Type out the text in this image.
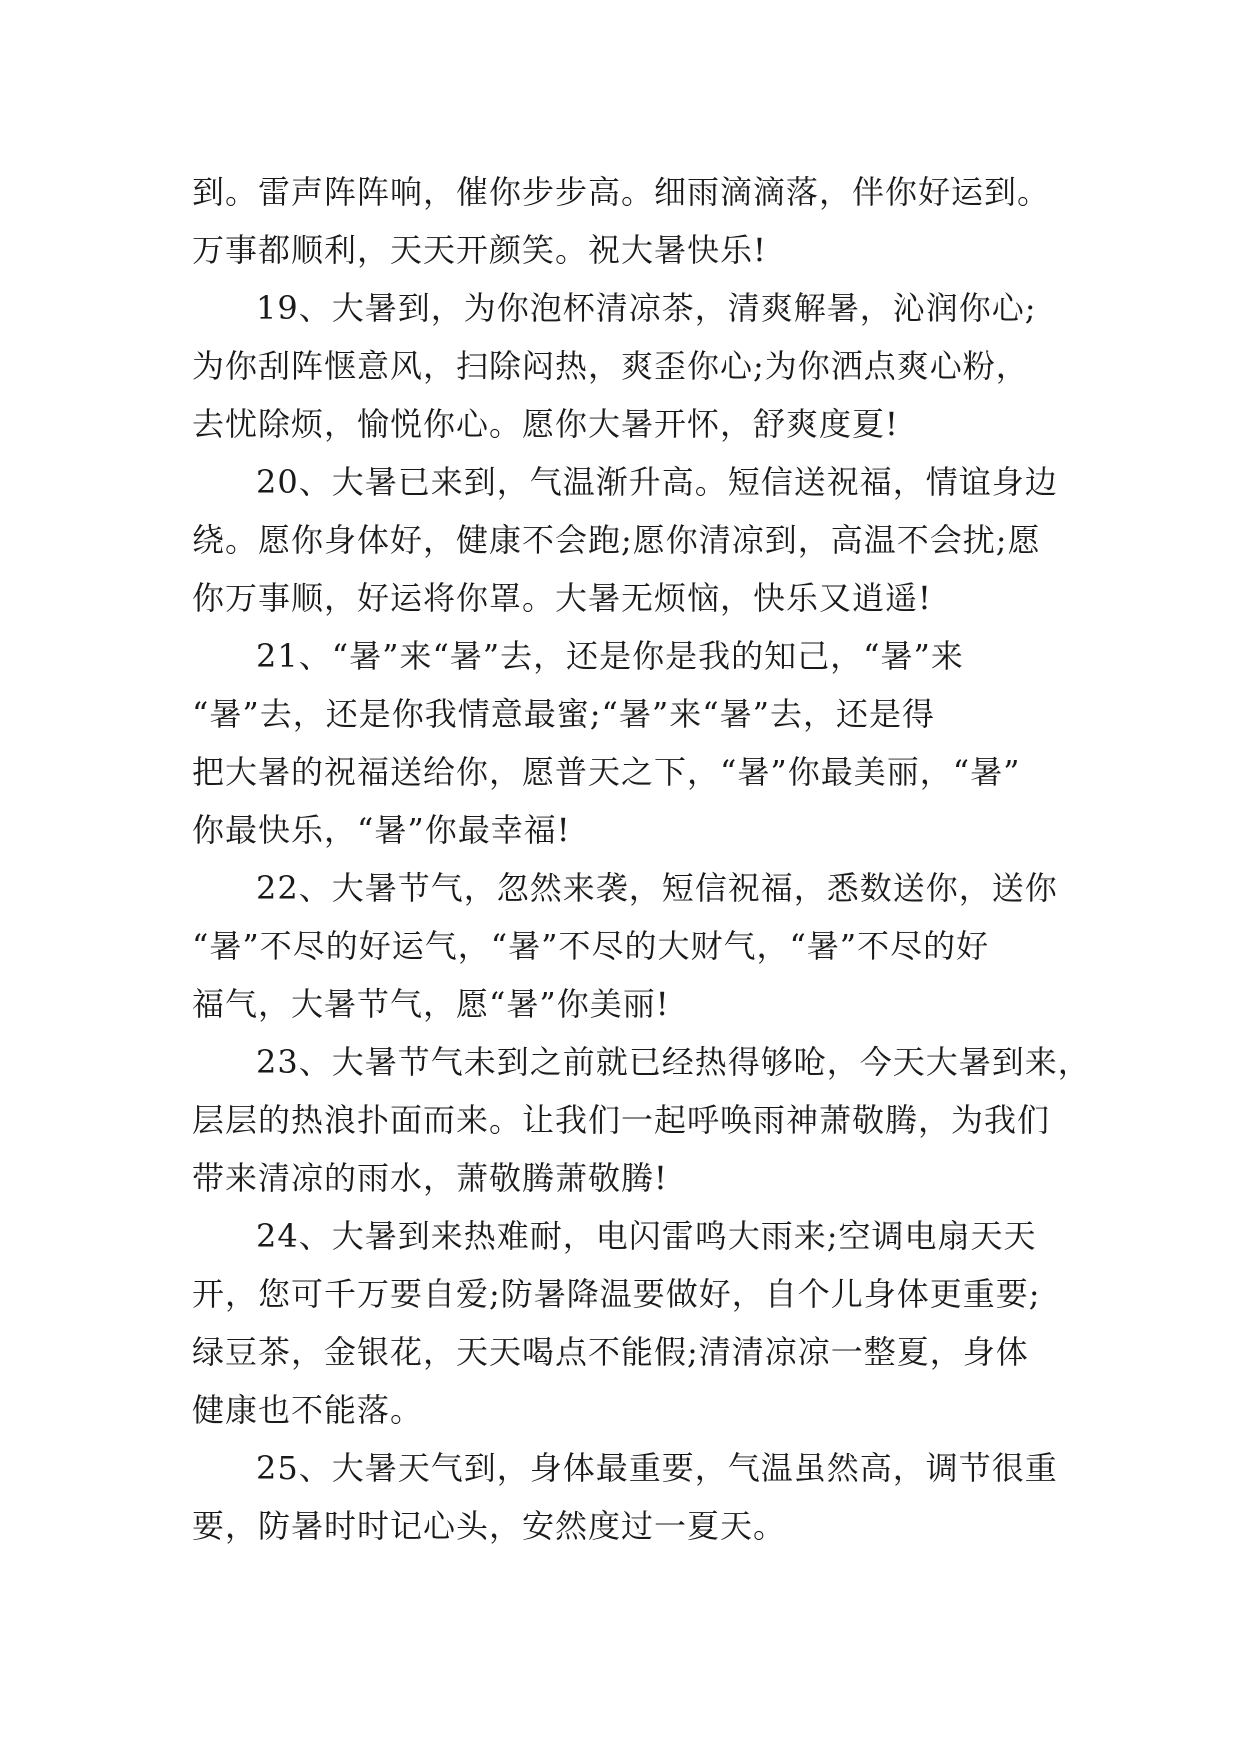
到。雷声阵阵响，催你步步高。细雨滴滴落，伴你好运到。
万事都顺利，天天开颜笑。祝大暑快乐!

19、大暑到，为你泡杯清凉茶，清爽解暑，沁润你心;
为你刮阵惬意风，扫除闷热，爽歪你心;为你洒点爽心粉，
去忧除烦，愉悦你心。愿你大暑开怀，舒爽度夏!

20、大暑已来到，气温渐升高。短信送祝福，情谊身边
绕。愿你身体好，健康不会跑;愿你清凉到，高温不会扰;愿
你万事顺，好运将你罩。大暑无烦恼，快乐又逍遥!

21、“暑”来“暑”去，还是你是我的知己，“暑”来
“暑”去，还是你我情意最蜜;“暑”来“暑”去，还是得
把大暑的祝福送给你，愿普天之下，“暑”你最美丽，“暑”
你最快乐，“暑”你最幸福!

22、大暑节气，忽然来袭，短信祝福，悉数送你，送你
“暑”不尽的好运气，“暑”不尽的大财气，“暑”不尽的好
福气，大暑节气，愿“暑”你美丽!

23、大暑节气未到之前就已经热得够呛，今天大暑到来，
层层的热浪扑面而来。让我们一起呼唤雨神萧敬腾，为我们
带来清凉的雨水，萧敬腾萧敬腾!

24、大暑到来热难耐，电闪雷鸣大雨来;空调电扇天天
开，您可千万要自爱;防暑降温要做好，自个儿身体更重要;
绿豆茶，金银花，天天喝点不能假;清清凉凉一整夏，身体
健康也不能落。

25、大暑天气到，身体最重要，气温虽然高，调节很重
要，防暑时时记心头，安然度过一夏天。
